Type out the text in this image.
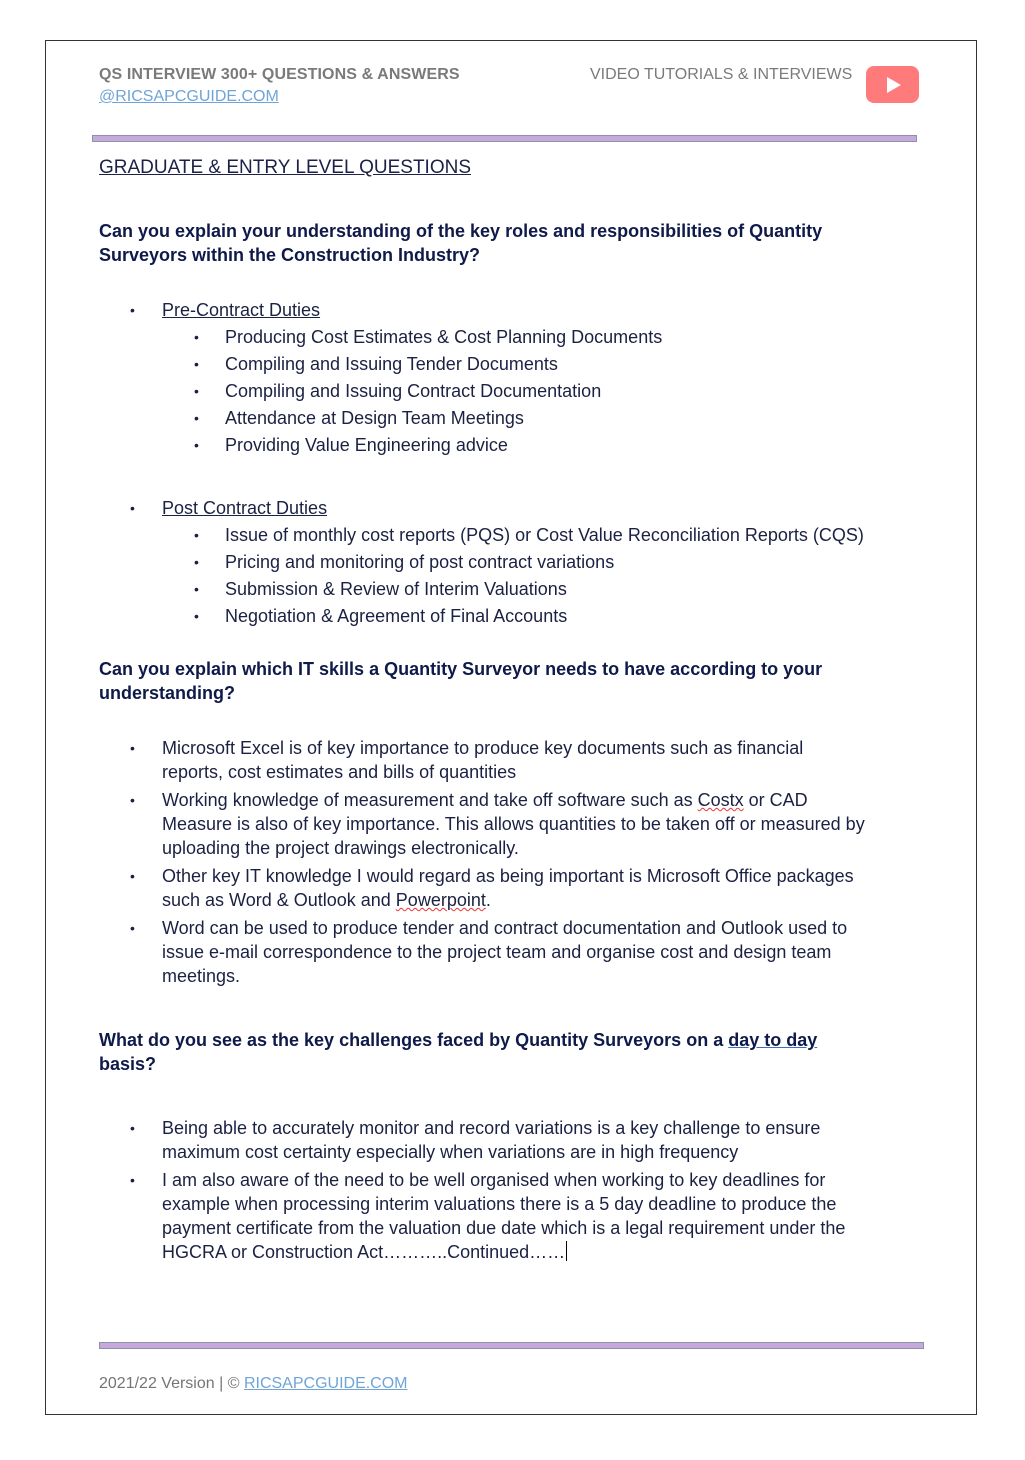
QS INTERVIEW 300+ QUESTIONS & ANSWERS
@RICSAPCGUIDE.COM
VIDEO TUTORIALS & INTERVIEWS

GRADUATE & ENTRY LEVEL QUESTIONS

Can you explain your understanding of the key roles and responsibilities of Quantity Surveyors within the Construction Industry?

• Pre-Contract Duties
• Producing Cost Estimates & Cost Planning Documents
• Compiling and Issuing Tender Documents
• Compiling and Issuing Contract Documentation
• Attendance at Design Team Meetings
• Providing Value Engineering advice
• Post Contract Duties
• Issue of monthly cost reports (PQS) or Cost Value Reconciliation Reports (CQS)
• Pricing and monitoring of post contract variations
• Submission & Review of Interim Valuations
• Negotiation & Agreement of Final Accounts

Can you explain which IT skills a Quantity Surveyor needs to have according to your understanding?

• Microsoft Excel is of key importance to produce key documents such as financial reports, cost estimates and bills of quantities
• Working knowledge of measurement and take off software such as Costx or CAD Measure is also of key importance. This allows quantities to be taken off or measured by uploading the project drawings electronically.
• Other key IT knowledge I would regard as being important is Microsoft Office packages such as Word & Outlook and Powerpoint.
• Word can be used to produce tender and contract documentation and Outlook used to issue e-mail correspondence to the project team and organise cost and design team meetings.

What do you see as the key challenges faced by Quantity Surveyors on a day to day basis?

• Being able to accurately monitor and record variations is a key challenge to ensure maximum cost certainty especially when variations are in high frequency
• I am also aware of the need to be well organised when working to key deadlines for example when processing interim valuations there is a 5 day deadline to produce the payment certificate from the valuation due date which is a legal requirement under the HGCRA or Construction Act………..Continued……
2021/22 Version | © RICSAPCGUIDE.COM
